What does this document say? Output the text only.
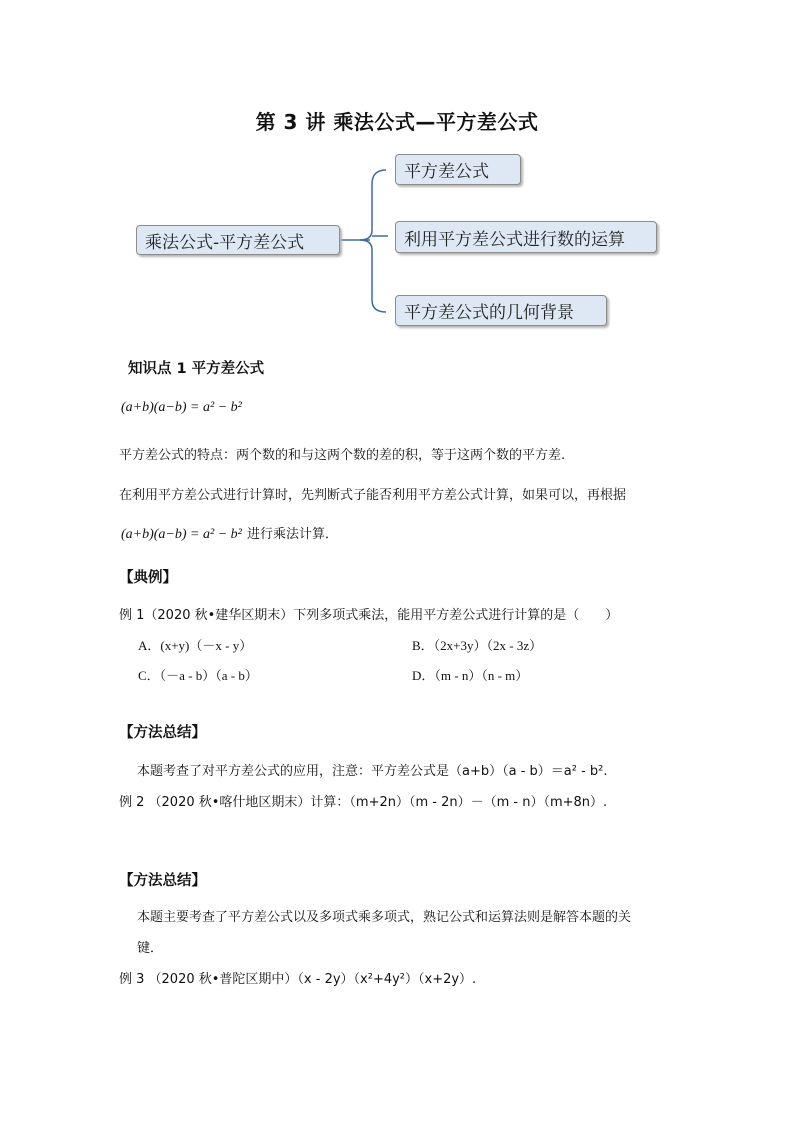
第 3 讲 乘法公式—平方差公式
乘法公式-平方差公式
平方差公式
利用平方差公式进行数的运算
平方差公式的几何背景
知识点 1 平方差公式
(a+b)(a−b) = a² − b²
平方差公式的特点：两个数的和与这两个数的差的积，等于这两个数的平方差.
在利用平方差公式进行计算时，先判断式子能否利用平方差公式计算，如果可以，再根据
(a+b)(a−b) = a² − b² 进行乘法计算．
【典例】
例 1（2020 秋•建华区期末）下列多项式乘法，能用平方差公式进行计算的是（　　）
A．(x+y)（－x - y）	B．（2x+3y）（2x - 3z）
C．（－a - b）（a - b）	D．（m - n）（n - m）
【方法总结】
本题考查了对平方差公式的应用，注意：平方差公式是（a+b）（a - b）＝a² - b².
例 2 （2020 秋•喀什地区期末）计算：（m+2n）（m - 2n）－（m - n）（m+8n）.
【方法总结】
本题主要考查了平方差公式以及多项式乘多项式，熟记公式和运算法则是解答本题的关
键．
例 3 （2020 秋•普陀区期中）（x - 2y）（x²+4y²）（x+2y）.
